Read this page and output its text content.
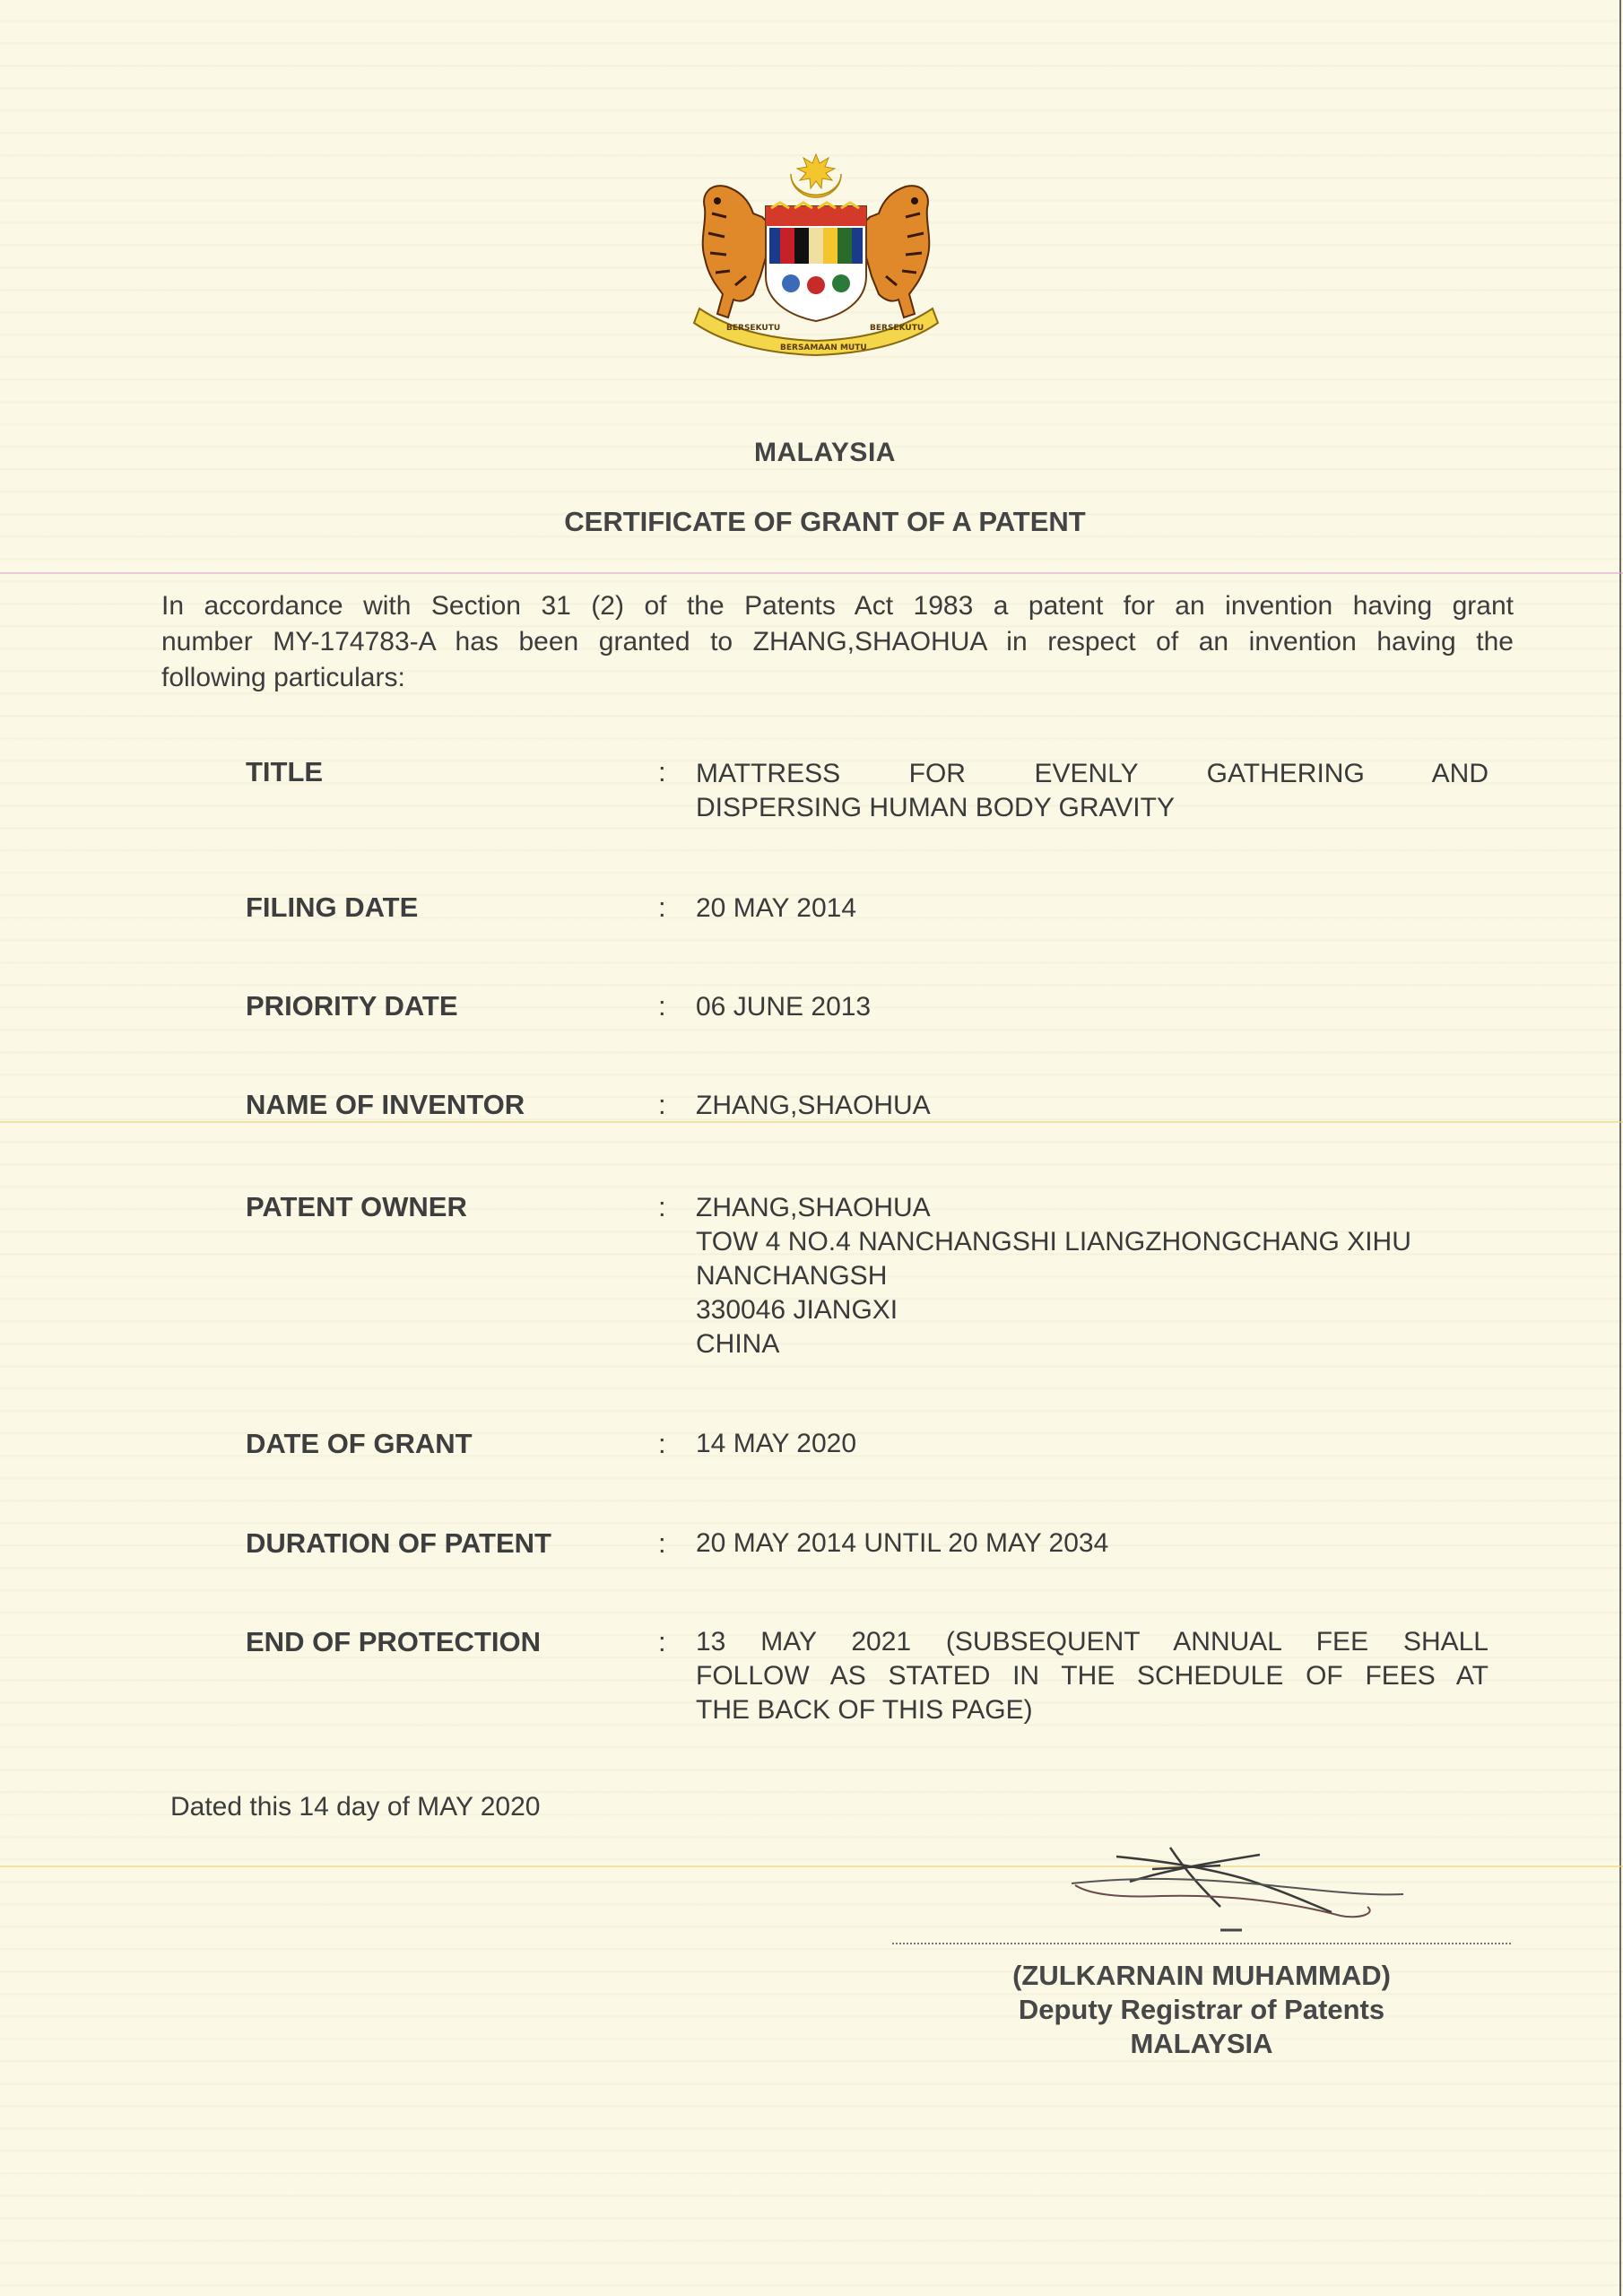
BERSEKUTU
BERSAMAAN MUTU
BERSEKUTU
MALAYSIA
CERTIFICATE OF GRANT OF A PATENT
In accordance with Section 31 (2) of the Patents Act 1983 a patent for an invention having grant
number MY-174783-A has been granted to ZHANG,SHAOHUA in respect of an invention having the
following particulars:
TITLE	: MATTRESS FOR EVENLY GATHERING AND
DISPERSING HUMAN BODY GRAVITY
FILING DATE	: 20 MAY 2014
PRIORITY DATE	: 06 JUNE 2013
NAME OF INVENTOR	: ZHANG,SHAOHUA
PATENT OWNER	: ZHANG,SHAOHUA
TOW 4 NO.4 NANCHANGSHI LIANGZHONGCHANG XIHU
NANCHANGSH
330046 JIANGXI
CHINA
DATE OF GRANT	: 14 MAY 2020
DURATION OF PATENT	: 20 MAY 2014 UNTIL 20 MAY 2034
END OF PROTECTION	: 13 MAY 2021 (SUBSEQUENT ANNUAL FEE SHALL
FOLLOW AS STATED IN THE SCHEDULE OF FEES AT
THE BACK OF THIS PAGE)
Dated this 14 day of MAY 2020
(ZULKARNAIN MUHAMMAD)
Deputy Registrar of Patents
MALAYSIA
